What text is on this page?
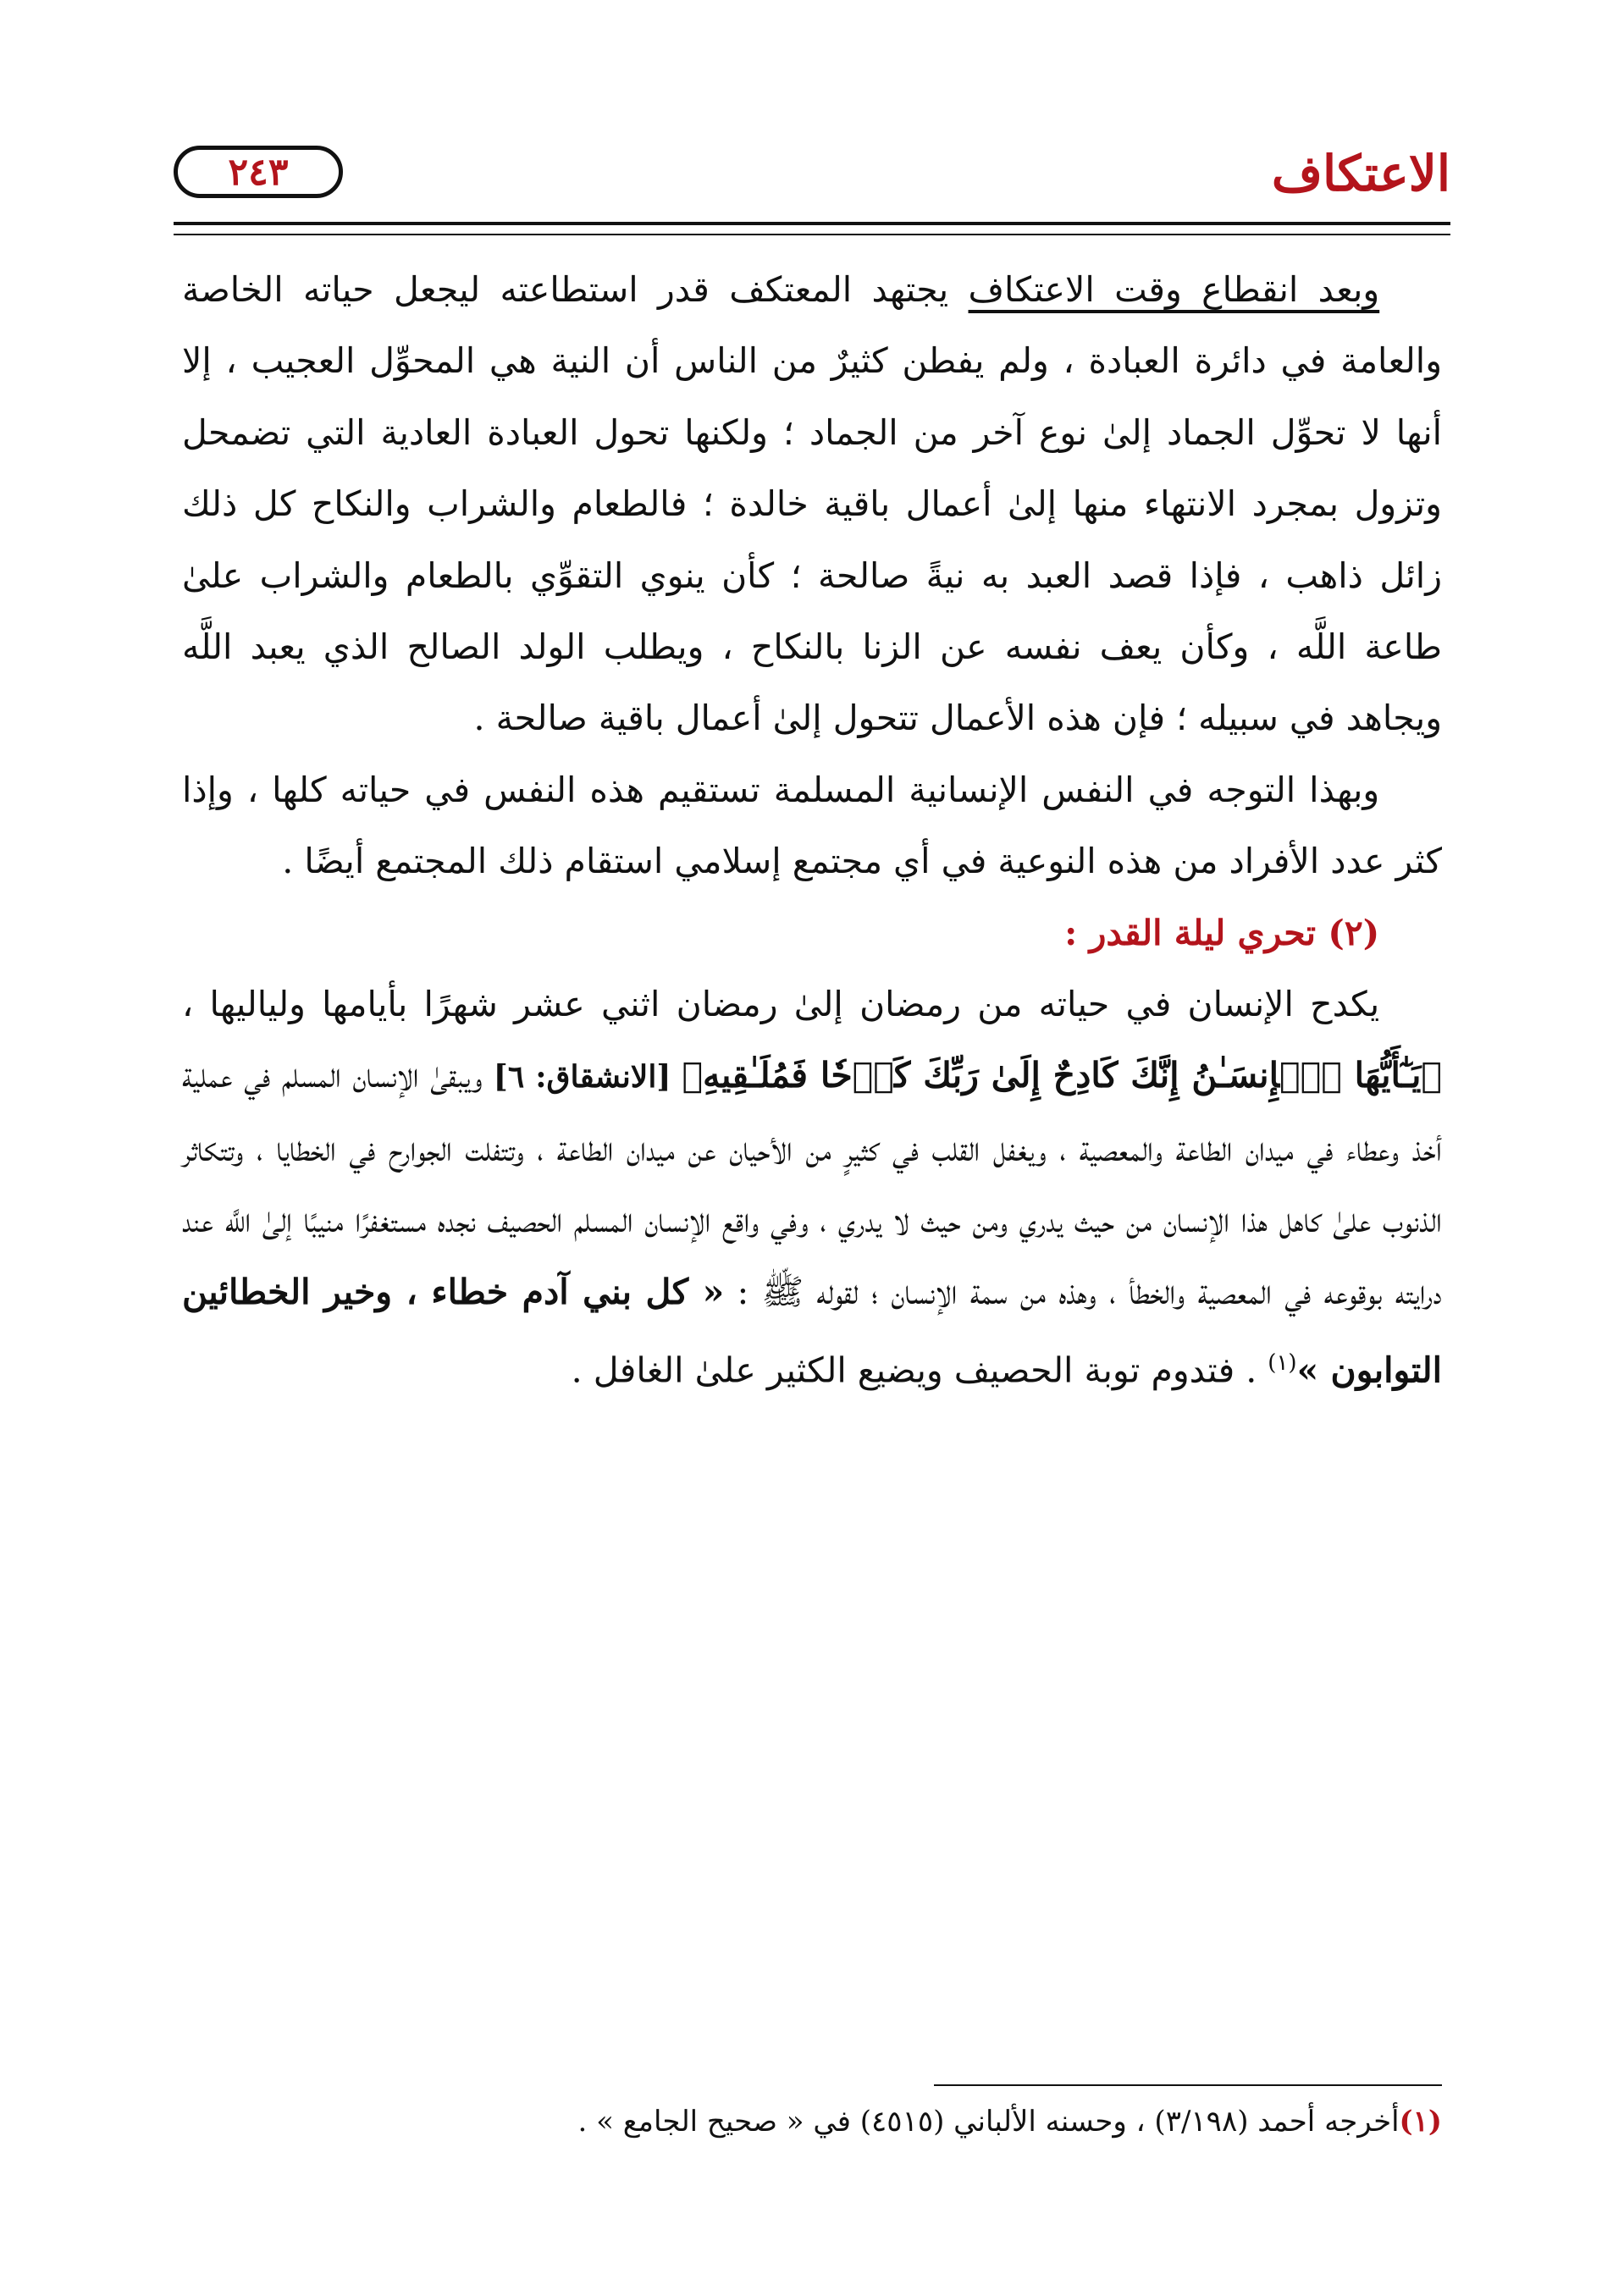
الاعتكاف
٢٤٣

وبعد انقطاع وقت الاعتكاف يجتهد المعتكف قدر استطاعته ليجعل حياته الخاصة والعامة في دائرة العبادة ، ولم يفطن كثيرٌ من الناس أن النية هي المحوِّل العجيب ، إلا أنها لا تحوِّل الجماد إلىٰ نوع آخر من الجماد ؛ ولكنها تحول العبادة العادية التي تضمحل وتزول بمجرد الانتهاء منها إلىٰ أعمال باقية خالدة ؛ فالطعام والشراب والنكاح كل ذلك زائل ذاهب ، فإذا قصد العبد به نيةً صالحة ؛ كأن ينوي التقوِّي بالطعام والشراب علىٰ طاعة اللَّه ، وكأن يعف نفسه عن الزنا بالنكاح ، ويطلب الولد الصالح الذي يعبد اللَّه ويجاهد في سبيله ؛ فإن هذه الأعمال تتحول إلىٰ أعمال باقية صالحة .

وبهذا التوجه في النفس الإنسانية المسلمة تستقيم هذه النفس في حياته كلها ، وإذا كثر عدد الأفراد من هذه النوعية في أي مجتمع إسلامي استقام ذلك المجتمع أيضًا .

(٢) تحري ليلة القدر :

يكدح الإنسان في حياته من رمضان إلىٰ رمضان اثني عشر شهرًا بأيامها ولياليها ، ﴿يَـٰٓأَيُّهَا ٱلۡإِنسَـٰنُ إِنَّكَ كَادِحٌ إِلَىٰ رَبِّكَ كَدۡحٗا فَمُلَـٰقِيهِ﴾ [الانشقاق: ٦] ويبقىٰ الإنسان المسلم في عملية أخذ وعطاء في ميدان الطاعة والمعصية ، ويغفل القلب في كثيرٍ من الأحيان عن ميدان الطاعة ، وتتفلت الجوارح في الخطايا ، وتتكاثر الذنوب علىٰ كاهل هذا الإنسان من حيث يدري ومن حيث لا يدري ، وفي واقع الإنسان المسلم الحصيف نجده مستغفرًا منيبًا إلىٰ اللَّه عند درايته بوقوعه في المعصية والخطأ ، وهذه من سمة الإنسان ؛ لقوله ﷺ : « كل بني آدم خطاء ، وخير الخطائين التوابون »$^{(١)}$ . فتدوم توبة الحصيف ويضيع الكثير علىٰ الغافل .

(١)أخرجه أحمد (٣/١٩٨) ، وحسنه الألباني (٤٥١٥) في « صحيح الجامع » .
